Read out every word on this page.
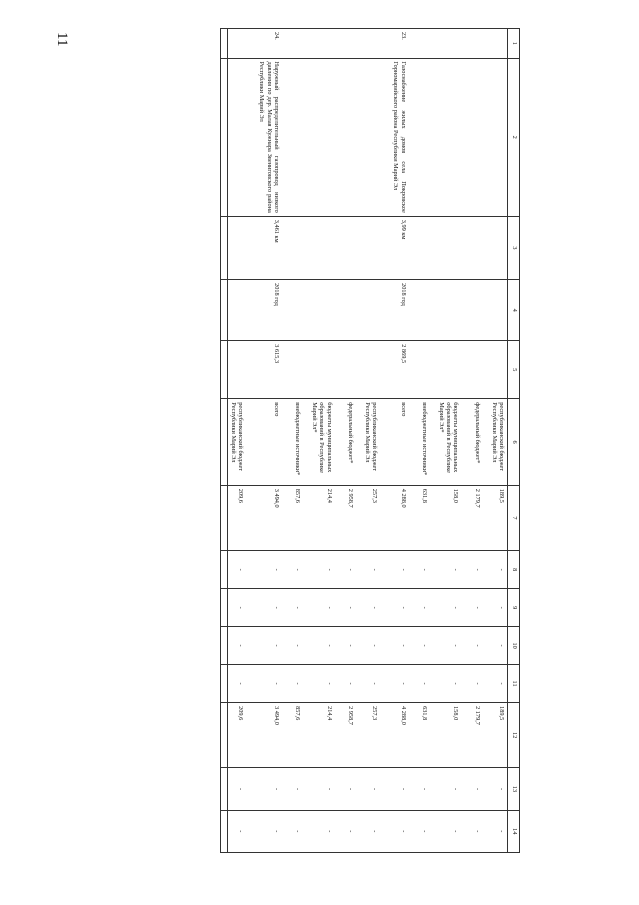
11	1	2	3	4	5	6	7	8	9	10	11	12	13	14
					республиканский бюджет Республики Марий Эл	189,5	-	-	-	-	189,5	-	-

					федеральный бюджет*	2 179,7	-	-	-	-	2 179,7	-	-

					бюджеты муниципальных образований в Республике Марий Эл*	158,0	-	-	-	-	158,0	-	-

					внебюджетные источники*	631,8	-	-	-	-	631,8	-	-

23.	Газоснабжение жилых домов села Покровское Горномарийского района Республики Марий Эл	3,99 км	2018 год	2 869,5	всего	4 288,0	-	-	-	-	4 288,0	-	-

					республиканский бюджет Республики Марий Эл	257,3	-	-	-	-	257,3	-	-

					федеральный бюджет*	2 958,7	-	-	-	-	2 958,7	-	-

					бюджеты муниципальных образований в Республике Марий Эл*	214,4	-	-	-	-	214,4	-	-

					внебюджетные источники*	857,6	-	-	-	-	857,6	-	-

24.	Наружный распределительный газопровод низкого давления по дер. Малая Кужнара Звениговского района Республики Марий Эл	3,461 км	2018 год	3 615,3	всего	3 494,0	-	-	-	-	3 494,0	-	-

					республиканский бюджет Республики Марий Эл	209,6	-	-	-	-	209,6	-	-
